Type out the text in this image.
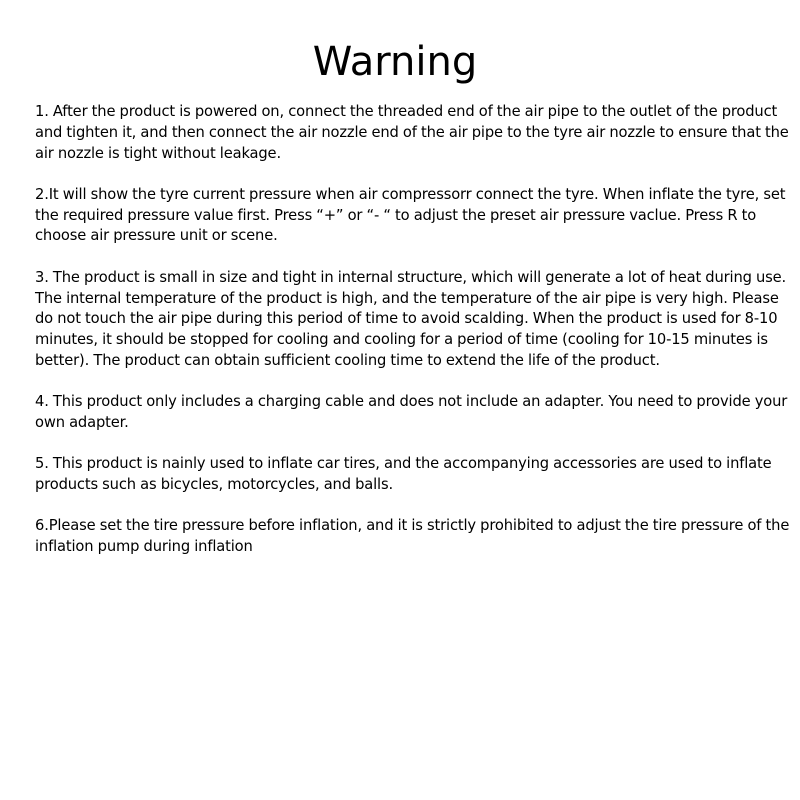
Warning

1. After the product is powered on, connect the threaded end of the air pipe to the outlet of the product and tighten it, and then connect the air nozzle end of the air pipe to the tyre air nozzle to ensure that the air nozzle is tight without leakage.

2.It will show the tyre current pressure when air compressorr connect the tyre. When inflate the tyre, set the required pressure value first. Press “+” or “- “ to adjust the preset air pressure vaclue. Press R to choose air pressure unit or scene.

3. The product is small in size and tight in internal structure, which will generate a lot of heat during use. The internal temperature of the product is high, and the temperature of the air pipe is very high. Please do not touch the air pipe during this period of time to avoid scalding. When the product is used for 8-10 minutes, it should be stopped for cooling and cooling for a period of time (cooling for 10-15 minutes is better). The product can obtain sufficient cooling time to extend the life of the product.

4. This product only includes a charging cable and does not include an adapter. You need to provide your own adapter.

5. This product is nainly used to inflate car tires, and the accompanying accessories are used to inflate products such as bicycles, motorcycles, and balls.

6.Please set the tire pressure before inflation, and it is strictly prohibited to adjust the tire pressure of the inflation pump during inflation
